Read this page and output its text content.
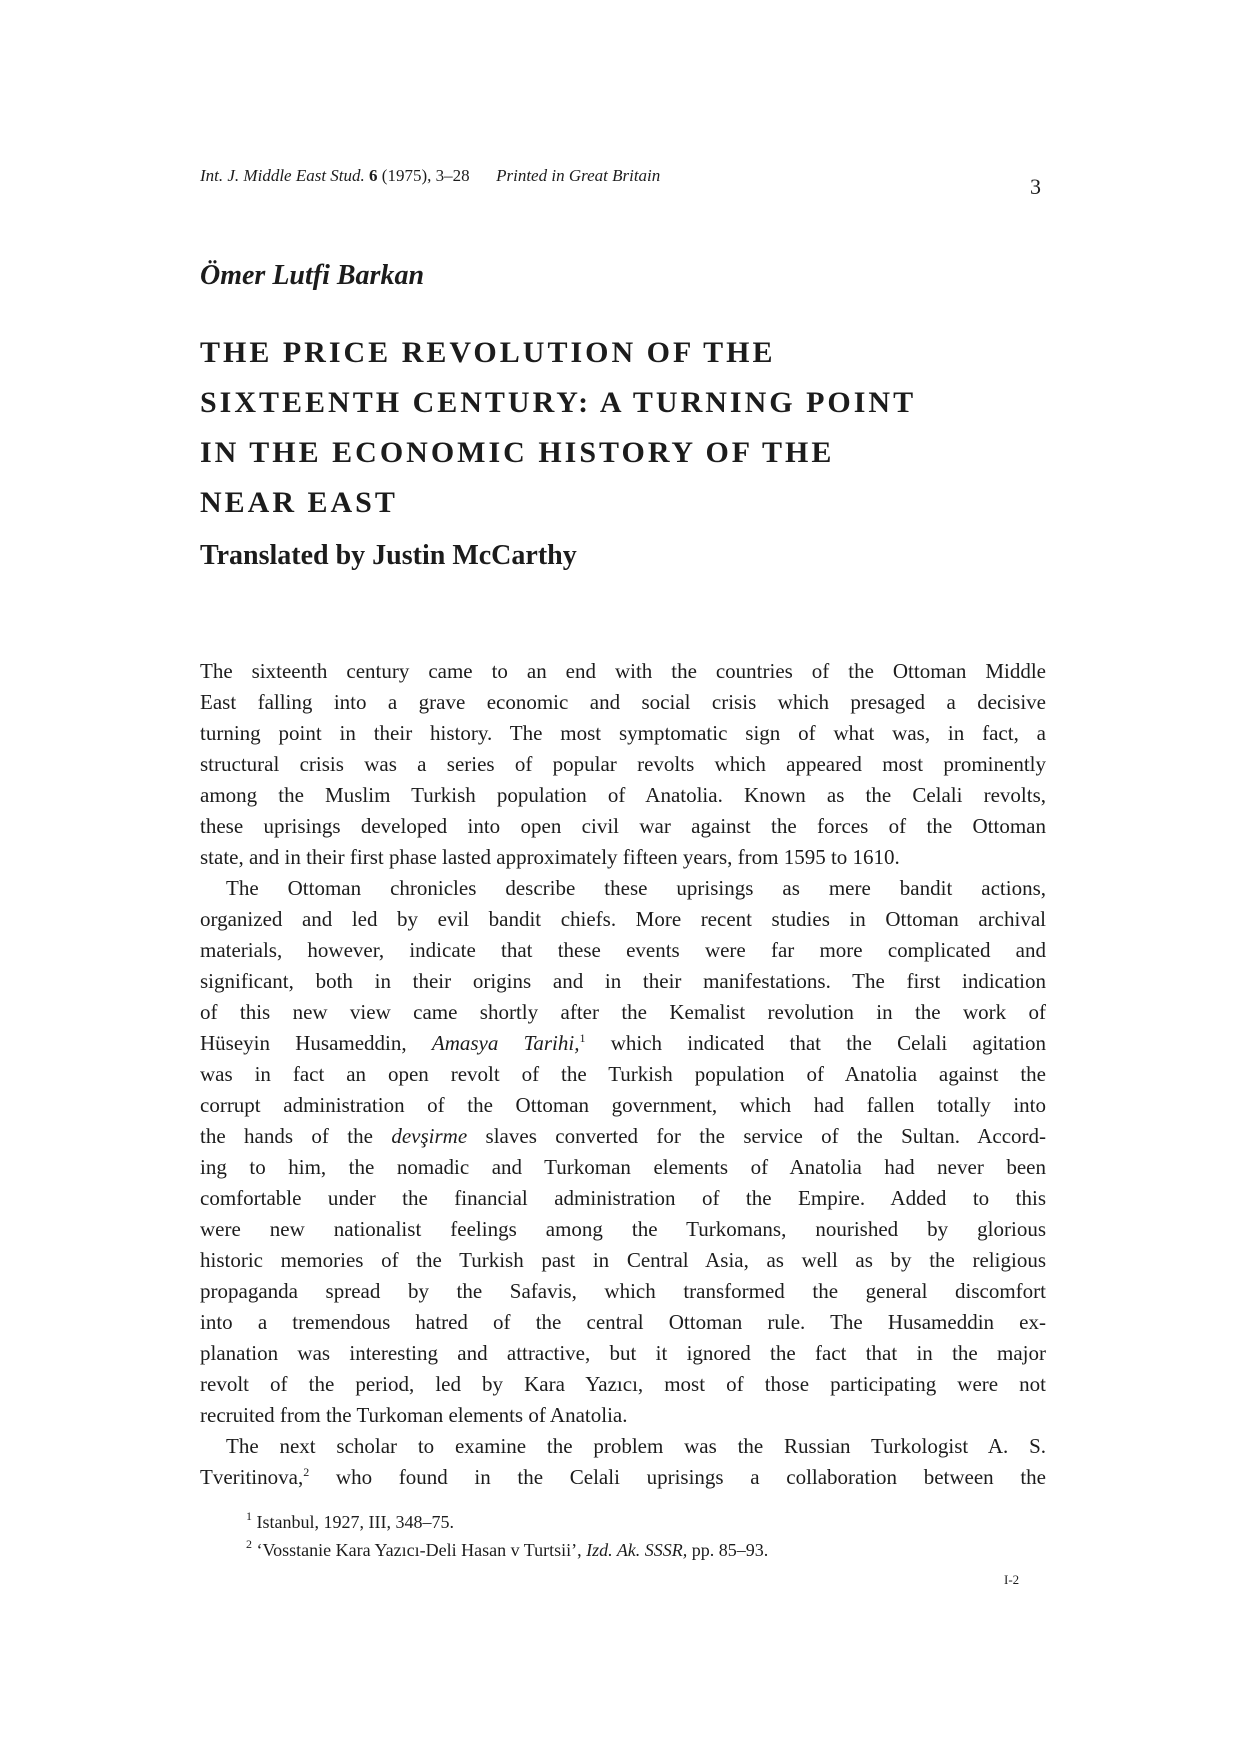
Int. J. Middle East Stud. 6 (1975), 3–28 Printed in Great Britain	3
Ömer Lutfi Barkan
THE PRICE REVOLUTION OF THE
SIXTEENTH CENTURY: A TURNING POINT
IN THE ECONOMIC HISTORY OF THE
NEAR EAST
Translated by Justin McCarthy
The sixteenth century came to an end with the countries of the Ottoman Middle
East falling into a grave economic and social crisis which presaged a decisive
turning point in their history. The most symptomatic sign of what was, in fact, a
structural crisis was a series of popular revolts which appeared most prominently
among the Muslim Turkish population of Anatolia. Known as the Celali revolts,
these uprisings developed into open civil war against the forces of the Ottoman
state, and in their first phase lasted approximately fifteen years, from 1595 to 1610.
The Ottoman chronicles describe these uprisings as mere bandit actions,
organized and led by evil bandit chiefs. More recent studies in Ottoman archival
materials, however, indicate that these events were far more complicated and
significant, both in their origins and in their manifestations. The first indication
of this new view came shortly after the Kemalist revolution in the work of
Hüseyin Husameddin, Amasya Tarihi,$^1$ which indicated that the Celali agitation
was in fact an open revolt of the Turkish population of Anatolia against the
corrupt administration of the Ottoman government, which had fallen totally into
the hands of the devşirme slaves converted for the service of the Sultan. Accord-
ing to him, the nomadic and Turkoman elements of Anatolia had never been
comfortable under the financial administration of the Empire. Added to this
were new nationalist feelings among the Turkomans, nourished by glorious
historic memories of the Turkish past in Central Asia, as well as by the religious
propaganda spread by the Safavis, which transformed the general discomfort
into a tremendous hatred of the central Ottoman rule. The Husameddin ex-
planation was interesting and attractive, but it ignored the fact that in the major
revolt of the period, led by Kara Yazıcı, most of those participating were not
recruited from the Turkoman elements of Anatolia.
The next scholar to examine the problem was the Russian Turkologist A. S.
Tveritinova,$^2$ who found in the Celali uprisings a collaboration between the
$^1$ Istanbul, 1927, III, 348–75.
$^2$ ‘Vosstanie Kara Yazıcı-Deli Hasan v Turtsii’, Izd. Ak. SSSR, pp. 85–93.
I-2
